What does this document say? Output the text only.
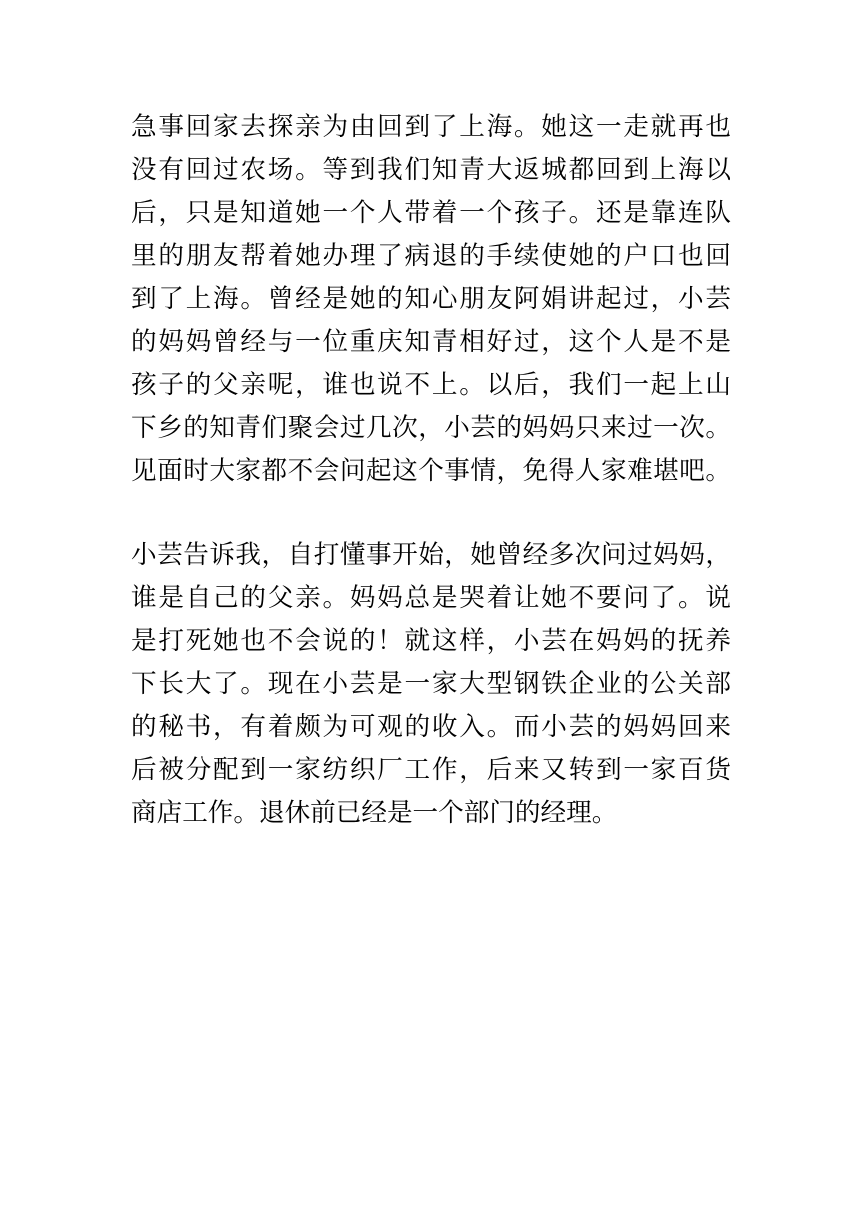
急事回家去探亲为由回到了上海。她这一走就再也
没有回过农场。等到我们知青大返城都回到上海以
后，只是知道她一个人带着一个孩子。还是靠连队
里的朋友帮着她办理了病退的手续使她的户口也回
到了上海。曾经是她的知心朋友阿娟讲起过，小芸
的妈妈曾经与一位重庆知青相好过，这个人是不是
孩子的父亲呢，谁也说不上。以后，我们一起上山
下乡的知青们聚会过几次，小芸的妈妈只来过一次。
见面时大家都不会问起这个事情，免得人家难堪吧。
小芸告诉我，自打懂事开始，她曾经多次问过妈妈，
谁是自己的父亲。妈妈总是哭着让她不要问了。说
是打死她也不会说的！就这样，小芸在妈妈的抚养
下长大了。现在小芸是一家大型钢铁企业的公关部
的秘书，有着颇为可观的收入。而小芸的妈妈回来
后被分配到一家纺织厂工作，后来又转到一家百货
商店工作。退休前已经是一个部门的经理。
